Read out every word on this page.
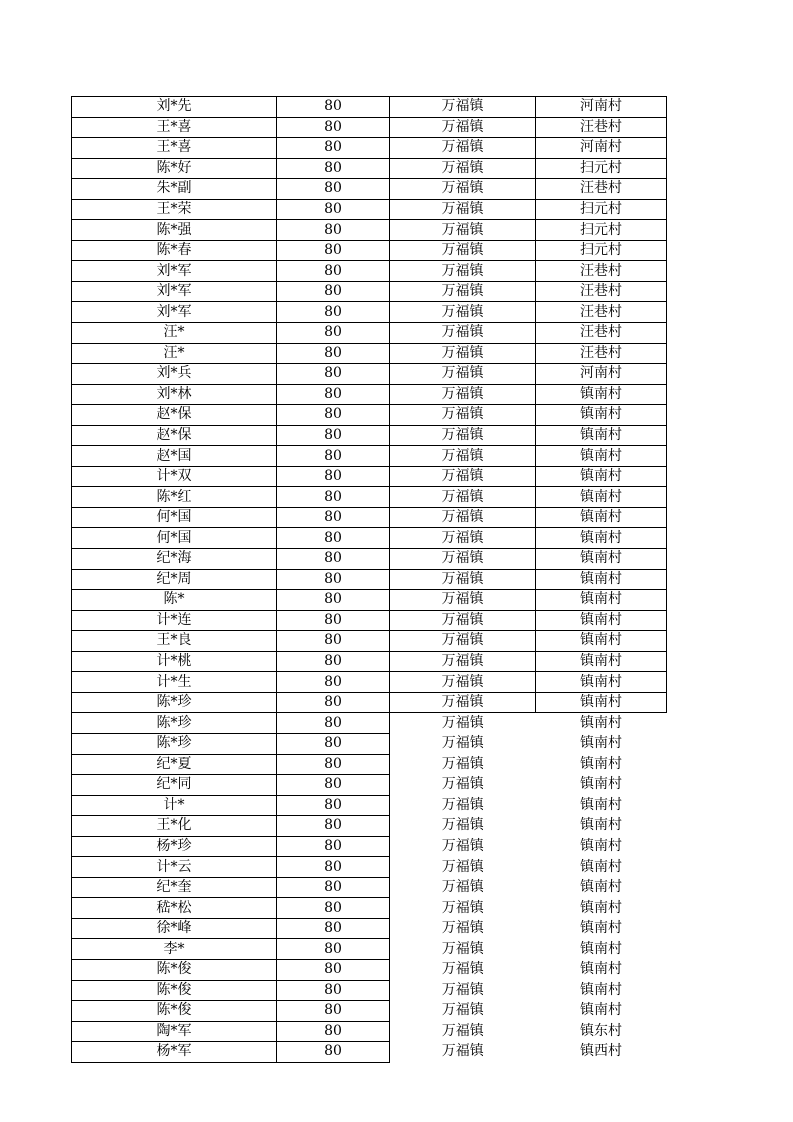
刘*先	80	万福镇	河南村
王*喜	80	万福镇	汪巷村
王*喜	80	万福镇	河南村
陈*好	80	万福镇	扫元村
朱*副	80	万福镇	汪巷村
王*荣	80	万福镇	扫元村
陈*强	80	万福镇	扫元村
陈*春	80	万福镇	扫元村
刘*军	80	万福镇	汪巷村
刘*军	80	万福镇	汪巷村
刘*军	80	万福镇	汪巷村
汪*	80	万福镇	汪巷村
汪*	80	万福镇	汪巷村
刘*兵	80	万福镇	河南村
刘*林	80	万福镇	镇南村
赵*保	80	万福镇	镇南村
赵*保	80	万福镇	镇南村
赵*国	80	万福镇	镇南村
计*双	80	万福镇	镇南村
陈*红	80	万福镇	镇南村
何*国	80	万福镇	镇南村
何*国	80	万福镇	镇南村
纪*海	80	万福镇	镇南村
纪*周	80	万福镇	镇南村
陈*	80	万福镇	镇南村
计*连	80	万福镇	镇南村
王*良	80	万福镇	镇南村
计*桃	80	万福镇	镇南村
计*生	80	万福镇	镇南村
陈*珍	80	万福镇	镇南村
陈*珍	80	万福镇	镇南村
陈*珍	80	万福镇	镇南村
纪*夏	80	万福镇	镇南村
纪*同	80	万福镇	镇南村
计*	80	万福镇	镇南村
王*化	80	万福镇	镇南村
杨*珍	80	万福镇	镇南村
计*云	80	万福镇	镇南村
纪*奎	80	万福镇	镇南村
嵇*松	80	万福镇	镇南村
徐*峰	80	万福镇	镇南村
李*	80	万福镇	镇南村
陈*俊	80	万福镇	镇南村
陈*俊	80	万福镇	镇南村
陈*俊	80	万福镇	镇南村
陶*军	80	万福镇	镇东村
杨*军	80	万福镇	镇西村
